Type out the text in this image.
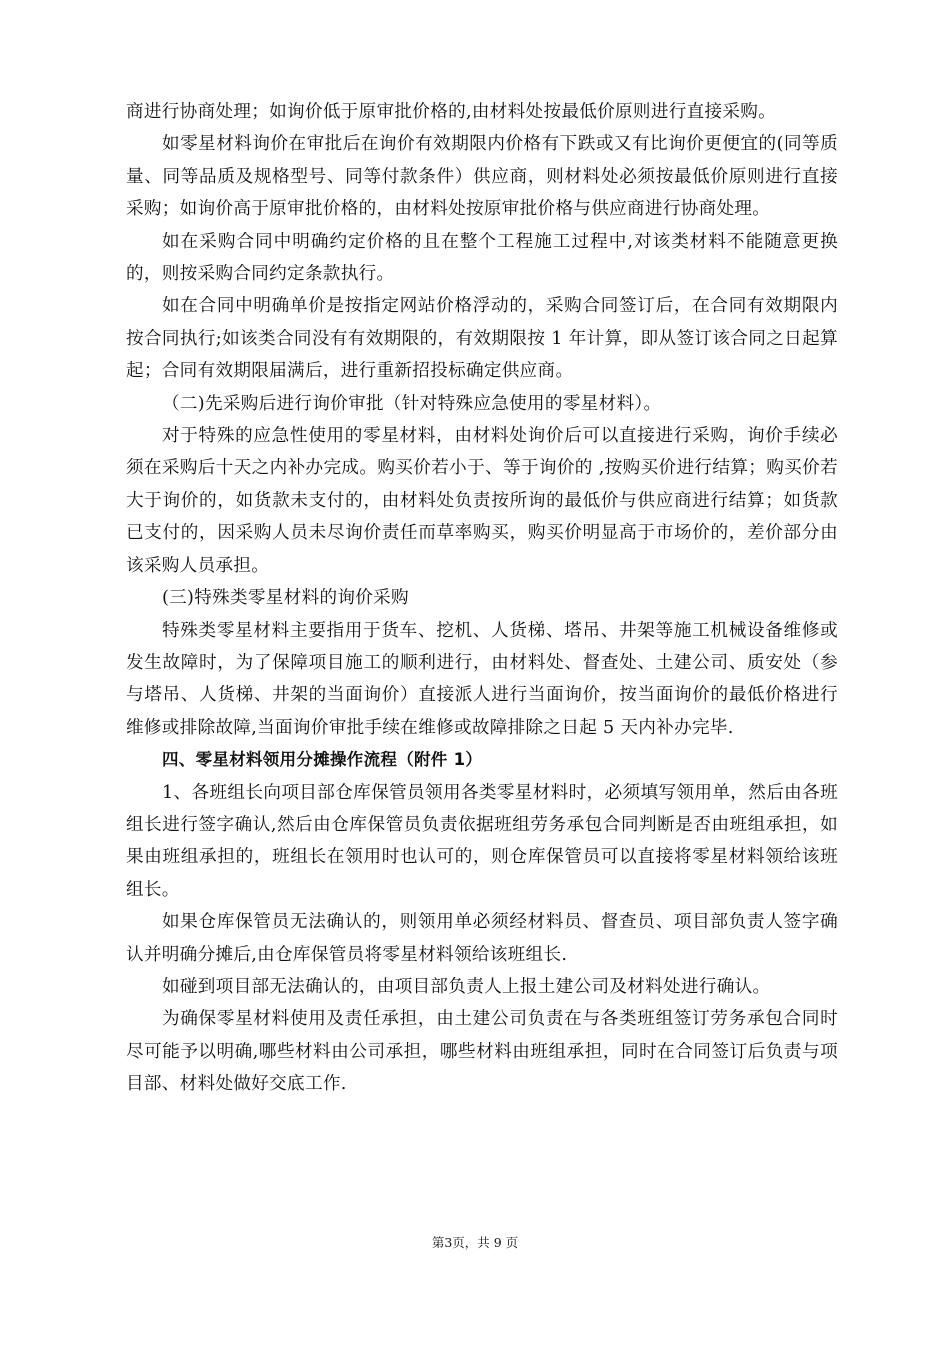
商进行协商处理；如询价低于原审批价格的,由材料处按最低价原则进行直接采购。

如零星材料询价在审批后在询价有效期限内价格有下跌或又有比询价更便宜的(同等质量、同等品质及规格型号、同等付款条件）供应商，则材料处必须按最低价原则进行直接采购；如询价高于原审批价格的，由材料处按原审批价格与供应商进行协商处理。

如在采购合同中明确约定价格的且在整个工程施工过程中,对该类材料不能随意更换的，则按采购合同约定条款执行。

如在合同中明确单价是按指定网站价格浮动的，采购合同签订后，在合同有效期限内按合同执行;如该类合同没有有效期限的，有效期限按 1 年计算，即从签订该合同之日起算起；合同有效期限届满后，进行重新招投标确定供应商。

（二)先采购后进行询价审批（针对特殊应急使用的零星材料）。

对于特殊的应急性使用的零星材料，由材料处询价后可以直接进行采购，询价手续必须在采购后十天之内补办完成。购买价若小于、等于询价的 ,按购买价进行结算；购买价若大于询价的，如货款未支付的，由材料处负责按所询的最低价与供应商进行结算；如货款已支付的，因采购人员未尽询价责任而草率购买，购买价明显高于市场价的，差价部分由该采购人员承担。

(三)特殊类零星材料的询价采购

特殊类零星材料主要指用于货车、挖机、人货梯、塔吊、井架等施工机械设备维修或发生故障时，为了保障项目施工的顺利进行，由材料处、督查处、土建公司、质安处（参与塔吊、人货梯、井架的当面询价）直接派人进行当面询价，按当面询价的最低价格进行维修或排除故障,当面询价审批手续在维修或故障排除之日起 5 天内补办完毕.

四、零星材料领用分摊操作流程（附件 1）

1、各班组长向项目部仓库保管员领用各类零星材料时，必须填写领用单，然后由各班组长进行签字确认,然后由仓库保管员负责依据班组劳务承包合同判断是否由班组承担，如果由班组承担的，班组长在领用时也认可的，则仓库保管员可以直接将零星材料领给该班组长。

如果仓库保管员无法确认的，则领用单必须经材料员、督查员、项目部负责人签字确认并明确分摊后,由仓库保管员将零星材料领给该班组长.

如碰到项目部无法确认的，由项目部负责人上报土建公司及材料处进行确认。

为确保零星材料使用及责任承担，由土建公司负责在与各类班组签订劳务承包合同时尽可能予以明确,哪些材料由公司承担，哪些材料由班组承担，同时在合同签订后负责与项目部、材料处做好交底工作.

第3页，共 9 页
